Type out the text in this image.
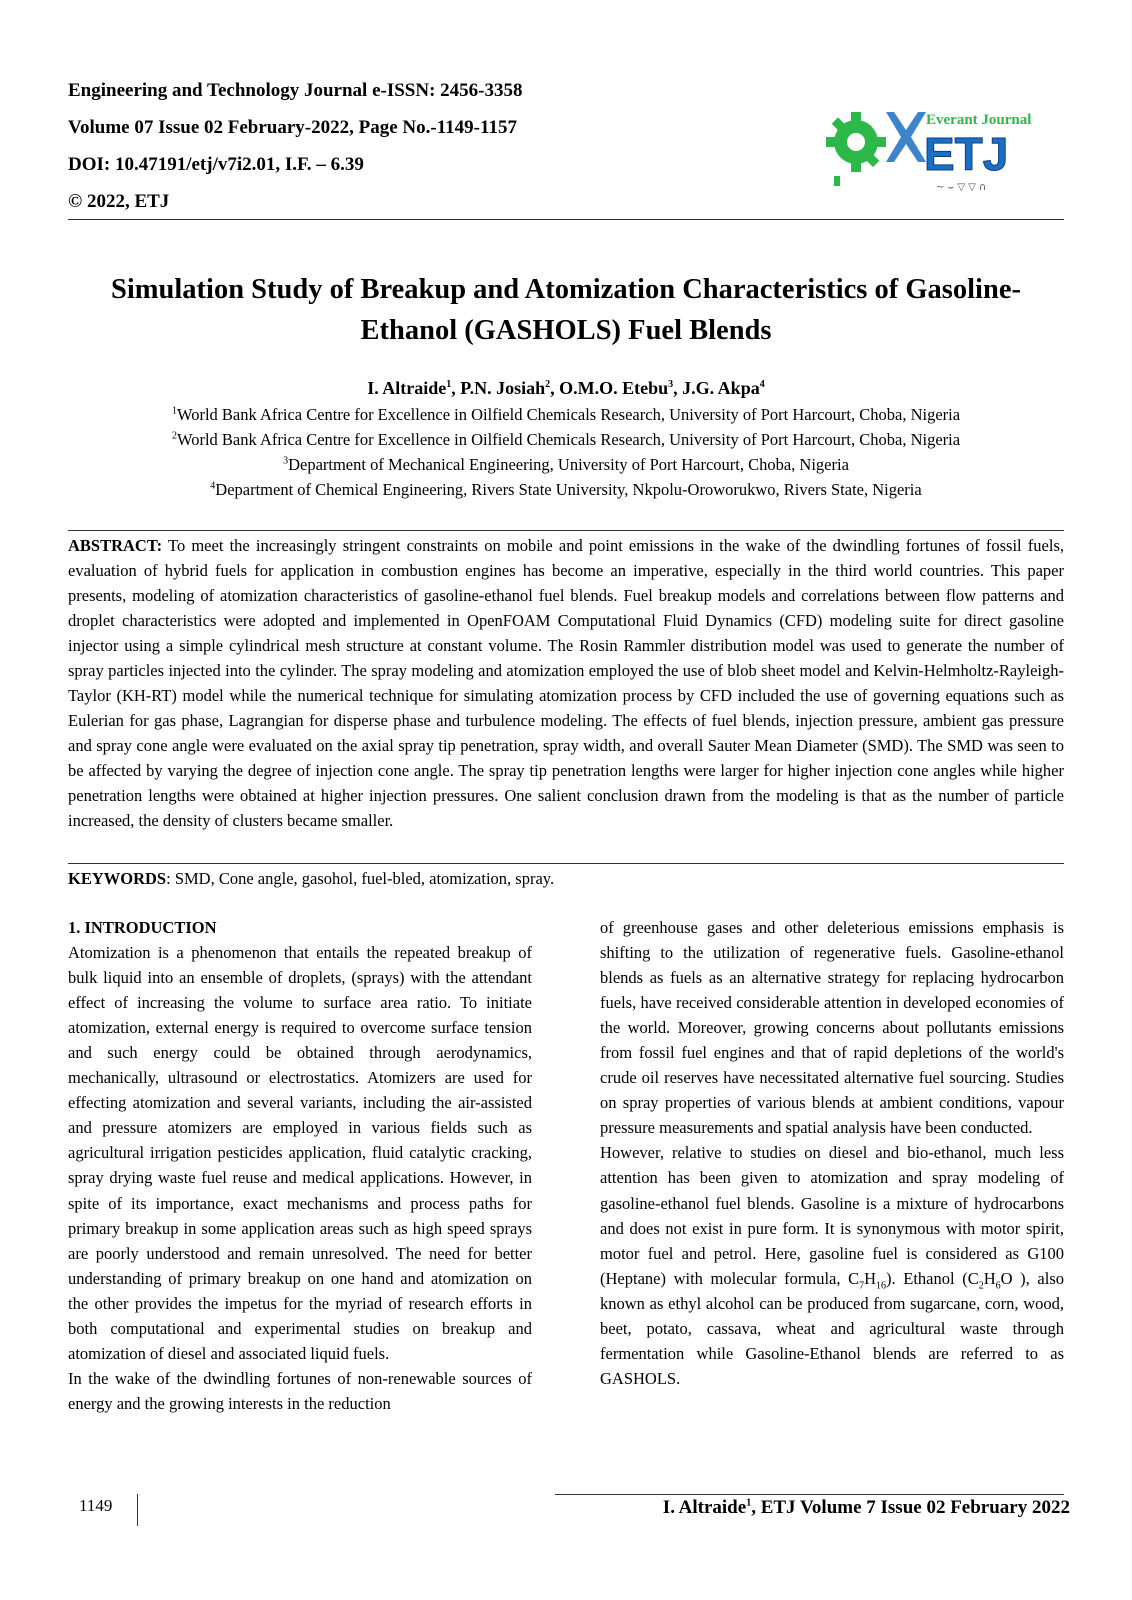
Engineering and Technology Journal e-ISSN: 2456-3358
Volume 07 Issue 02 February-2022, Page No.-1149-1157
DOI: 10.47191/etj/v7i2.01, I.F. – 6.39
© 2022, ETJ
Everant Journal
ETJ
~ ⌣ ▽ ▽ ∩
Simulation Study of Breakup and Atomization Characteristics of Gasoline-
Ethanol (GASHOLS) Fuel Blends
I. Altraide$^1$, P.N. Josiah$^2$, O.M.O. Etebu$^3$, J.G. Akpa$^4$
$^1$World Bank Africa Centre for Excellence in Oilfield Chemicals Research, University of Port Harcourt, Choba, Nigeria
$^2$World Bank Africa Centre for Excellence in Oilfield Chemicals Research, University of Port Harcourt, Choba, Nigeria
$^3$Department of Mechanical Engineering, University of Port Harcourt, Choba, Nigeria
$^4$Department of Chemical Engineering, Rivers State University, Nkpolu-Oroworukwo, Rivers State, Nigeria
ABSTRACT: To meet the increasingly stringent constraints on mobile and point emissions in the wake of the dwindling fortunes of fossil fuels, evaluation of hybrid fuels for application in combustion engines has become an imperative, especially in the third world countries. This paper presents, modeling of atomization characteristics of gasoline-ethanol fuel blends. Fuel breakup models and correlations between flow patterns and droplet characteristics were adopted and implemented in OpenFOAM Computational Fluid Dynamics (CFD) modeling suite for direct gasoline injector using a simple cylindrical mesh structure at constant volume. The Rosin Rammler distribution model was used to generate the number of spray particles injected into the cylinder. The spray modeling and atomization employed the use of blob sheet model and Kelvin-Helmholtz-Rayleigh-Taylor (KH-RT) model while the numerical technique for simulating atomization process by CFD included the use of governing equations such as Eulerian for gas phase, Lagrangian for disperse phase and turbulence modeling. The effects of fuel blends, injection pressure, ambient gas pressure and spray cone angle were evaluated on the axial spray tip penetration, spray width, and overall Sauter Mean Diameter (SMD). The SMD was seen to be affected by varying the degree of injection cone angle. The spray tip penetration lengths were larger for higher injection cone angles while higher penetration lengths were obtained at higher injection pressures. One salient conclusion drawn from the modeling is that as the number of particle increased, the density of clusters became smaller.
KEYWORDS: SMD, Cone angle, gasohol, fuel-bled, atomization, spray.

1. INTRODUCTION

Atomization is a phenomenon that entails the repeated breakup of bulk liquid into an ensemble of droplets, (sprays) with the attendant effect of increasing the volume to surface area ratio. To initiate atomization, external energy is required to overcome surface tension and such energy could be obtained through aerodynamics, mechanically, ultrasound or electrostatics. Atomizers are used for effecting atomization and several variants, including the air-assisted and pressure atomizers are employed in various fields such as agricultural irrigation pesticides application, fluid catalytic cracking, spray drying waste fuel reuse and medical applications. However, in spite of its importance, exact mechanisms and process paths for primary breakup in some application areas such as high speed sprays are poorly understood and remain unresolved. The need for better understanding of primary breakup on one hand and atomization on the other provides the impetus for the myriad of research efforts in both computational and experimental studies on breakup and atomization of diesel and associated liquid fuels.

In the wake of the dwindling fortunes of non-renewable sources of energy and the growing interests in the reduction

of greenhouse gases and other deleterious emissions emphasis is shifting to the utilization of regenerative fuels. Gasoline-ethanol blends as fuels as an alternative strategy for replacing hydrocarbon fuels, have received considerable attention in developed economies of the world. Moreover, growing concerns about pollutants emissions from fossil fuel engines and that of rapid depletions of the world's crude oil reserves have necessitated alternative fuel sourcing. Studies on spray properties of various blends at ambient conditions, vapour pressure measurements and spatial analysis have been conducted.

However, relative to studies on diesel and bio-ethanol, much less attention has been given to atomization and spray modeling of gasoline-ethanol fuel blends. Gasoline is a mixture of hydrocarbons and does not exist in pure form. It is synonymous with motor spirit, motor fuel and petrol. Here, gasoline fuel is considered as G100 (Heptane) with molecular formula, $C_7H_{16}$). Ethanol ($C_2H_6O$ ), also known as ethyl alcohol can be produced from sugarcane, corn, wood, beet, potato, cassava, wheat and agricultural waste through fermentation while Gasoline-Ethanol blends are referred to as GASHOLS.

1149	I. Altraide$^1$, ETJ Volume 7 Issue 02 February 2022
